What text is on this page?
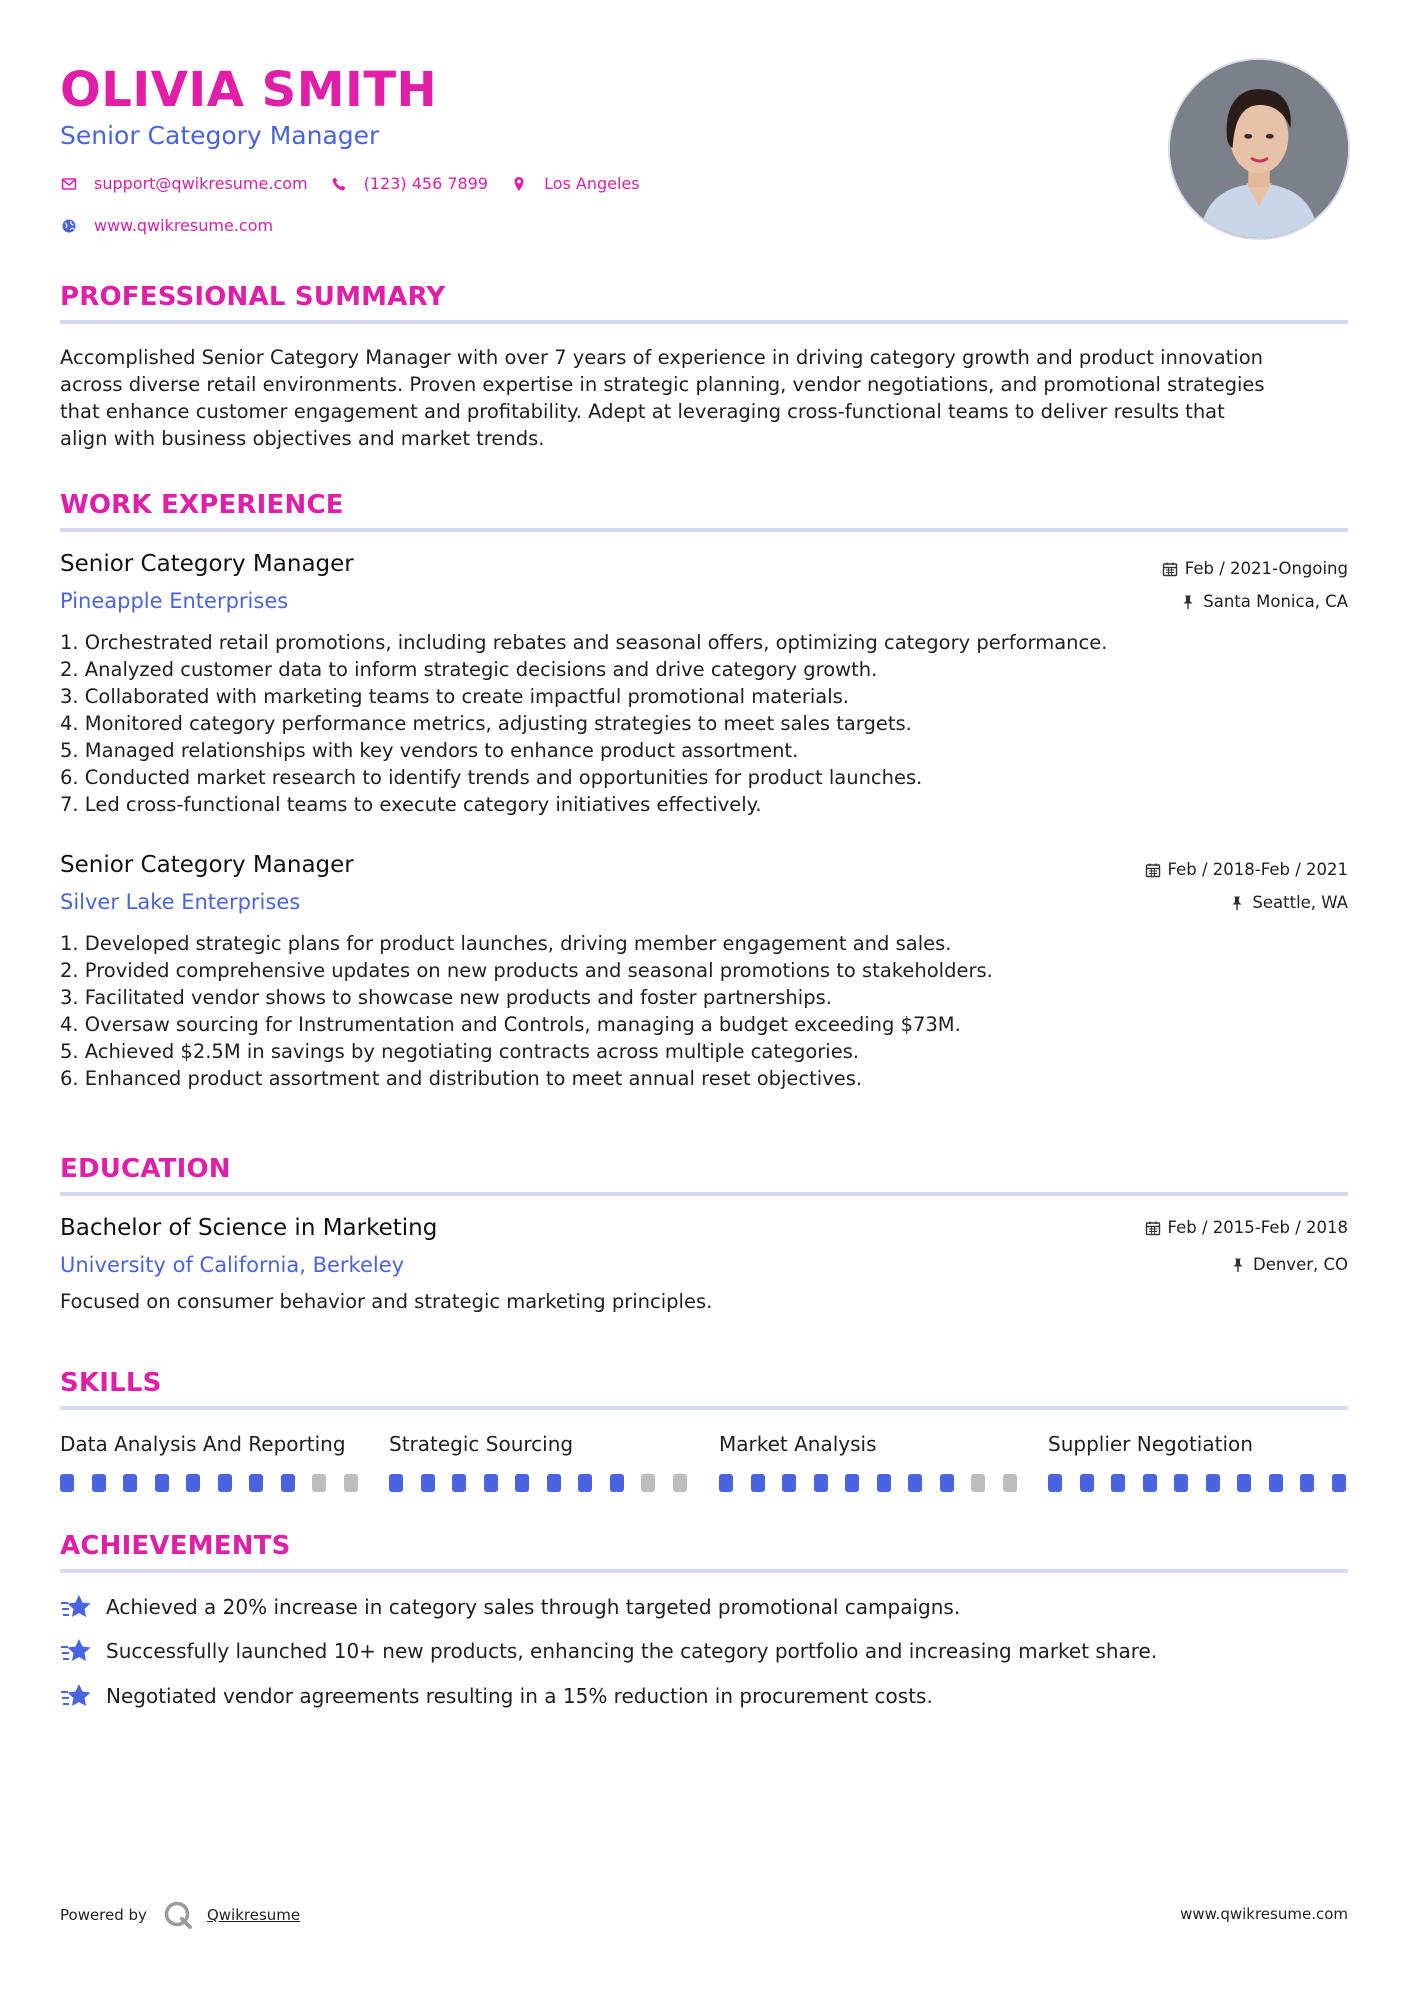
OLIVIA SMITH
Senior Category Manager
support@qwikresume.com	(123) 456 7899	Los Angeles
www.qwikresume.com
PROFESSIONAL SUMMARY
Accomplished Senior Category Manager with over 7 years of experience in driving category growth and product innovation
across diverse retail environments. Proven expertise in strategic planning, vendor negotiations, and promotional strategies
that enhance customer engagement and profitability. Adept at leveraging cross-functional teams to deliver results that
align with business objectives and market trends.
WORK EXPERIENCE
Senior Category Manager
Pineapple Enterprises
Feb / 2021-Ongoing
Santa Monica, CA
1. Orchestrated retail promotions, including rebates and seasonal offers, optimizing category performance.
2. Analyzed customer data to inform strategic decisions and drive category growth.
3. Collaborated with marketing teams to create impactful promotional materials.
4. Monitored category performance metrics, adjusting strategies to meet sales targets.
5. Managed relationships with key vendors to enhance product assortment.
6. Conducted market research to identify trends and opportunities for product launches.
7. Led cross-functional teams to execute category initiatives effectively.
Senior Category Manager
Silver Lake Enterprises
Feb / 2018-Feb / 2021
Seattle, WA
1. Developed strategic plans for product launches, driving member engagement and sales.
2. Provided comprehensive updates on new products and seasonal promotions to stakeholders.
3. Facilitated vendor shows to showcase new products and foster partnerships.
4. Oversaw sourcing for Instrumentation and Controls, managing a budget exceeding $73M.
5. Achieved $2.5M in savings by negotiating contracts across multiple categories.
6. Enhanced product assortment and distribution to meet annual reset objectives.
EDUCATION
Bachelor of Science in Marketing
University of California, Berkeley
Feb / 2015-Feb / 2018
Denver, CO
Focused on consumer behavior and strategic marketing principles.
SKILLS
Data Analysis And Reporting	Strategic Sourcing	Market Analysis	Supplier Negotiation
ACHIEVEMENTS
Achieved a 20% increase in category sales through targeted promotional campaigns.
Successfully launched 10+ new products, enhancing the category portfolio and increasing market share.
Negotiated vendor agreements resulting in a 15% reduction in procurement costs.
Powered by	Qwikresume	www.qwikresume.com
